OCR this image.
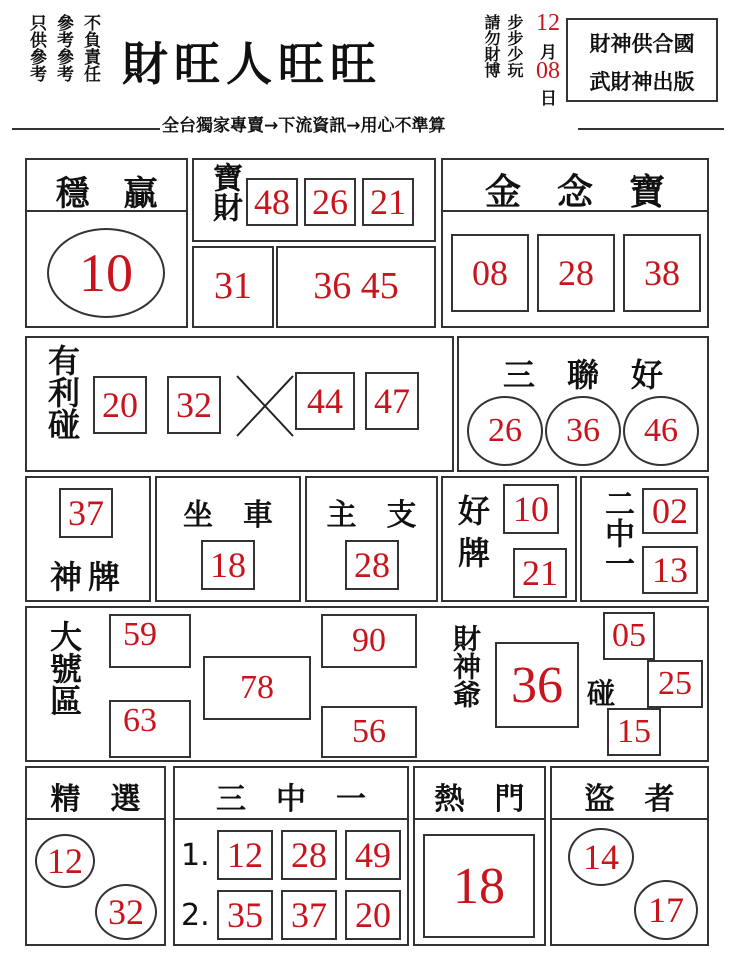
不負責任
參考參考
只供參考 財旺人旺旺	步步少玩
請勿財博 12
月
08
日
財神供合國
武財神出版
全台獨家專賣→下流資訊→用心不準算
穩　贏
10
寶財 48 26 21
31	36 45
金　念　寶
08	28	38
有利碰 20 32	44 47
三　聯　好
26	36	46
37
神牌
坐　車
18
主　支
28 好牌 10
21	二中一 02
13
大號區	59
63
78
90
56
財神爺 36 碰
05
25
15
精　選
12
32
三　中　一
1. 12 28 49
2. 35 37 20
熱　門
18
盜　者
14
17
